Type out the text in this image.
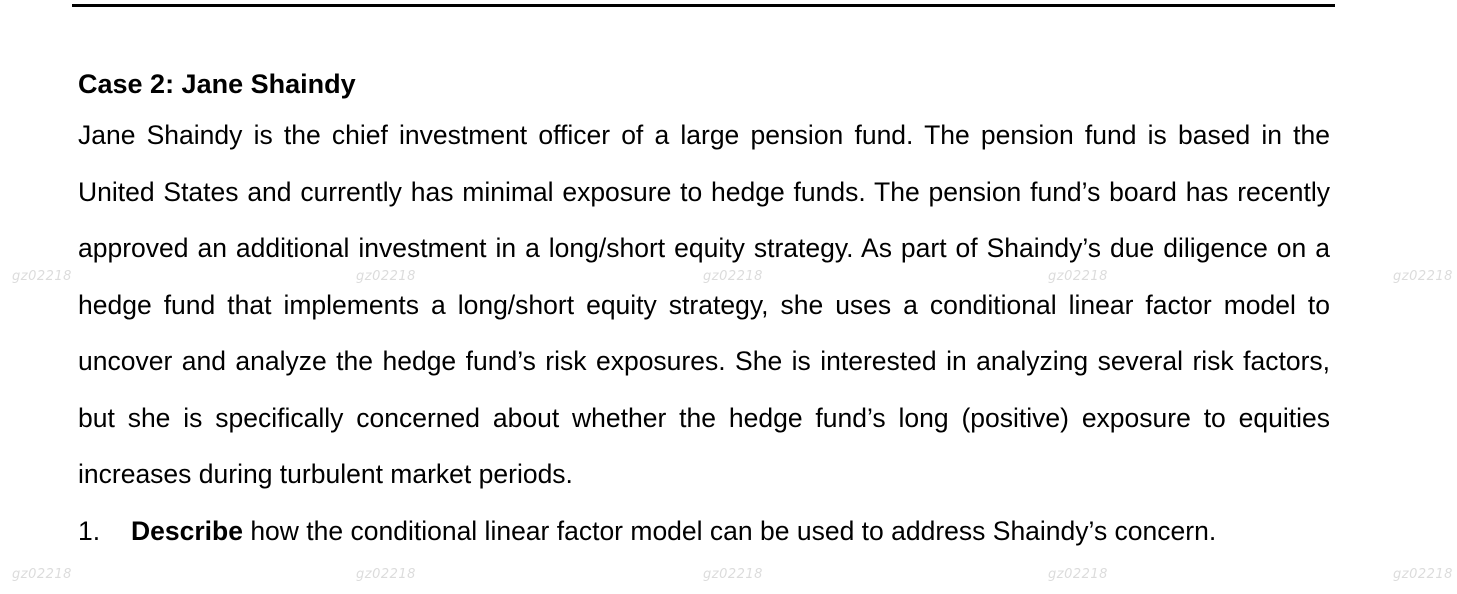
Case 2: Jane Shaindy

Jane Shaindy is the chief investment officer of a large pension fund. The pension fund is based in the United States and currently has minimal exposure to hedge funds. The pension fund’s board has recently approved an additional investment in a long/short equity strategy. As part of Shaindy’s due diligence on a hedge fund that implements a long/short equity strategy, she uses a conditional linear factor model to uncover and analyze the hedge fund’s risk exposures. She is interested in analyzing several risk factors, but she is specifically concerned about whether the hedge fund’s long (positive) exposure to equities increases during turbulent market periods.

1.	Describe how the conditional linear factor model can be used to address Shaindy’s concern.
gz02218	gz02218	gz02218	gz02218	gz02218
gz02218	gz02218	gz02218	gz02218	gz02218
